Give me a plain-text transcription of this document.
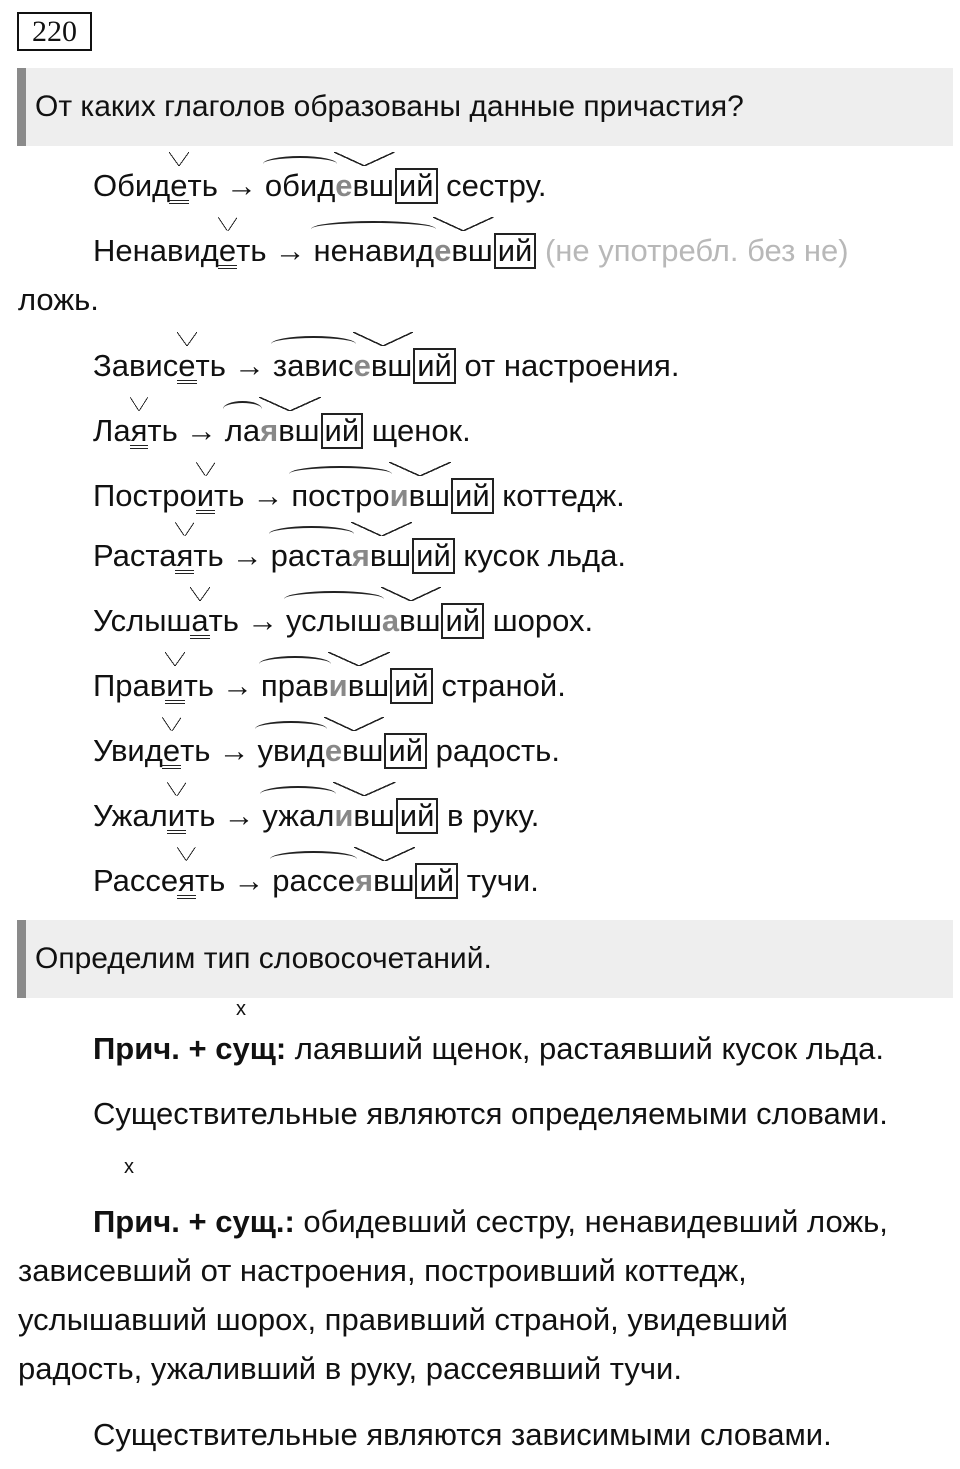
220
От каких глаголов образованы данные причастия?
Обидеть → обидевш ий сестру.
Ненавидеть → ненавидевш ий (не употребл. без не)
ложь.
Зависеть → зависевш ий от настроения.
Лаять → лаявш ий щенок.
Построить → построивш ий коттедж.
Растаять → растаявш ий кусок льда.
Услышать → услышавш ий шорох.
Править → правивш ий страной.
Увидеть → увидевш ий радость.
Ужалить → ужаливш ий в руку.
Рассеять → рассеявш ий тучи.
Определим тип словосочетаний.
x
Прич. + сущ: лаявший щенок, растаявший кусок льда.
Существительные являются определяемыми словами.
x
Прич. + сущ.: обидевший сестру, ненавидевший ложь,
зависевший от настроения, построивший коттедж,
услышавший шорох, правивший страной, увидевший
радость, ужаливший в руку, рассеявший тучи.
Существительные являются зависимыми словами.
